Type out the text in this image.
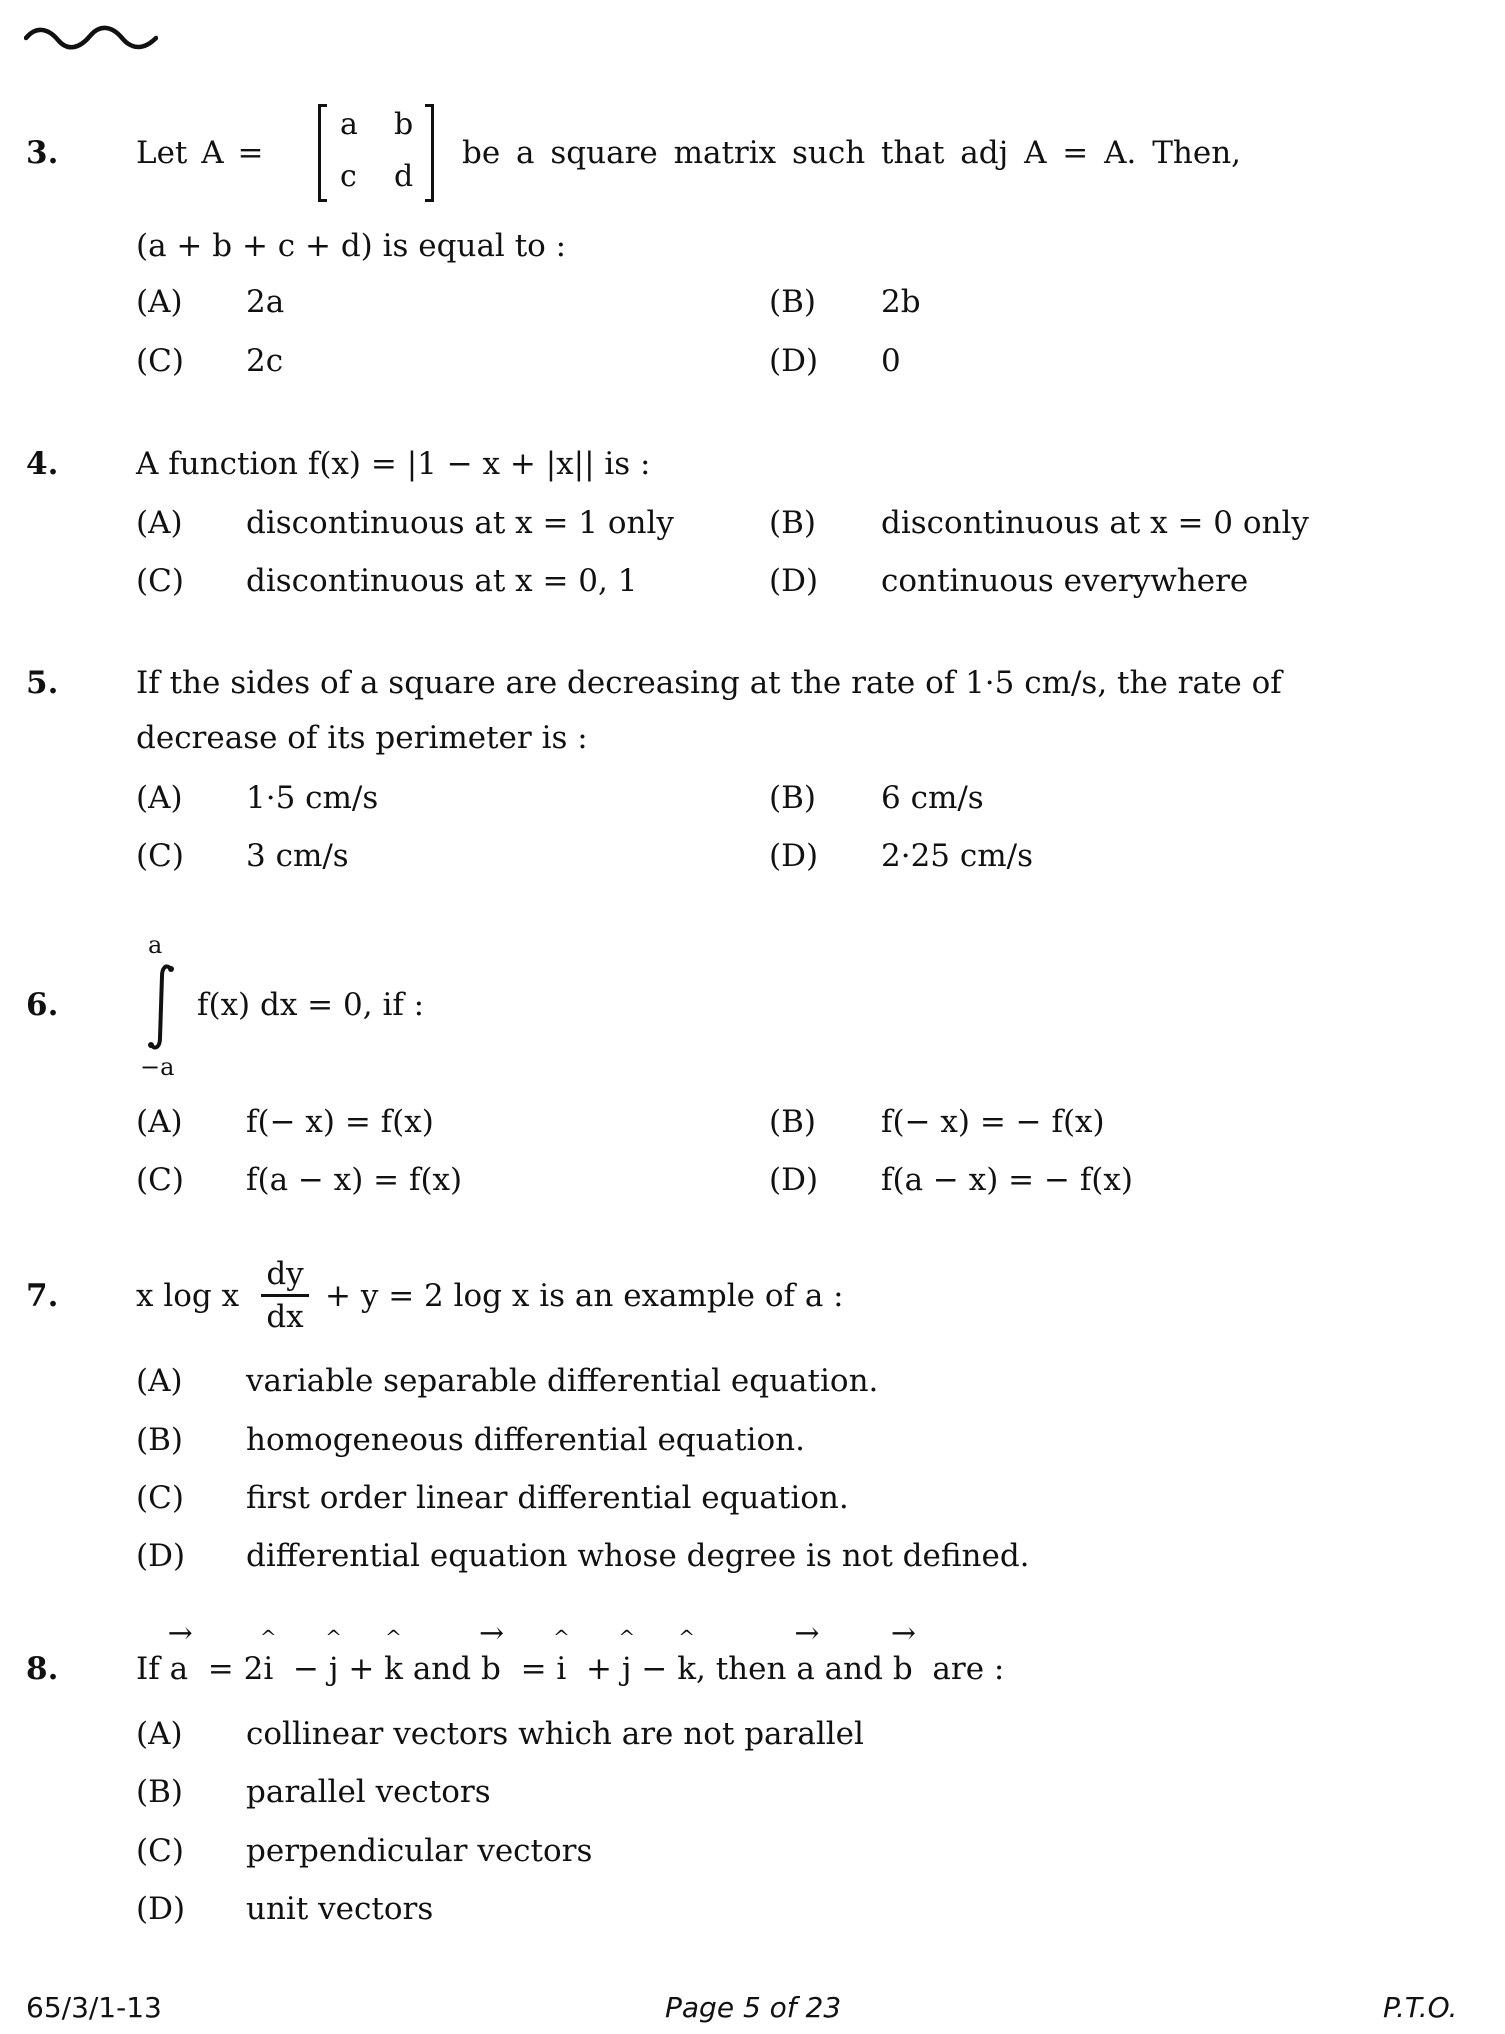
3.	Let A =
a b
c d
be a square matrix such that adj A = A. Then,
(a + b + c + d) is equal to :
(A) 2a	(B) 2b
(C) 2c	(D) 0
4.	A function f(x) = |1 − x + |x|| is :
(A) discontinuous at x = 1 only	(B) discontinuous at x = 0 only
(C) discontinuous at x = 0, 1	(D) continuous everywhere
5.	If the sides of a square are decreasing at the rate of 1·5 cm/s, the rate of
decrease of its perimeter is :
(A) 1·5 cm/s	(B) 6 cm/s
(C) 3 cm/s	(D) 2·25 cm/s
6.
a
−a
f(x) dx = 0, if :
(A) f(− x) = f(x)	(B) f(− x) = − f(x)
(C) f(a − x) = f(x)	(D) f(a − x) = − f(x)
7.	x log x
dy
dx
+ y = 2 log x is an example of a :
(A) variable separable differential equation.
(B) homogeneous differential equation.
(C) first order linear differential equation.
(D) differential equation whose degree is not defined.
8.	If
→
a = 2
^
i −
^
j +
^
k and
→
b =
^
i +
^
j −
^
k, then
→
a and
→
b are :
(A) collinear vectors which are not parallel
(B) parallel vectors
(C) perpendicular vectors
(D) unit vectors
65/3/1-13	Page 5 of 23	P.T.O.
